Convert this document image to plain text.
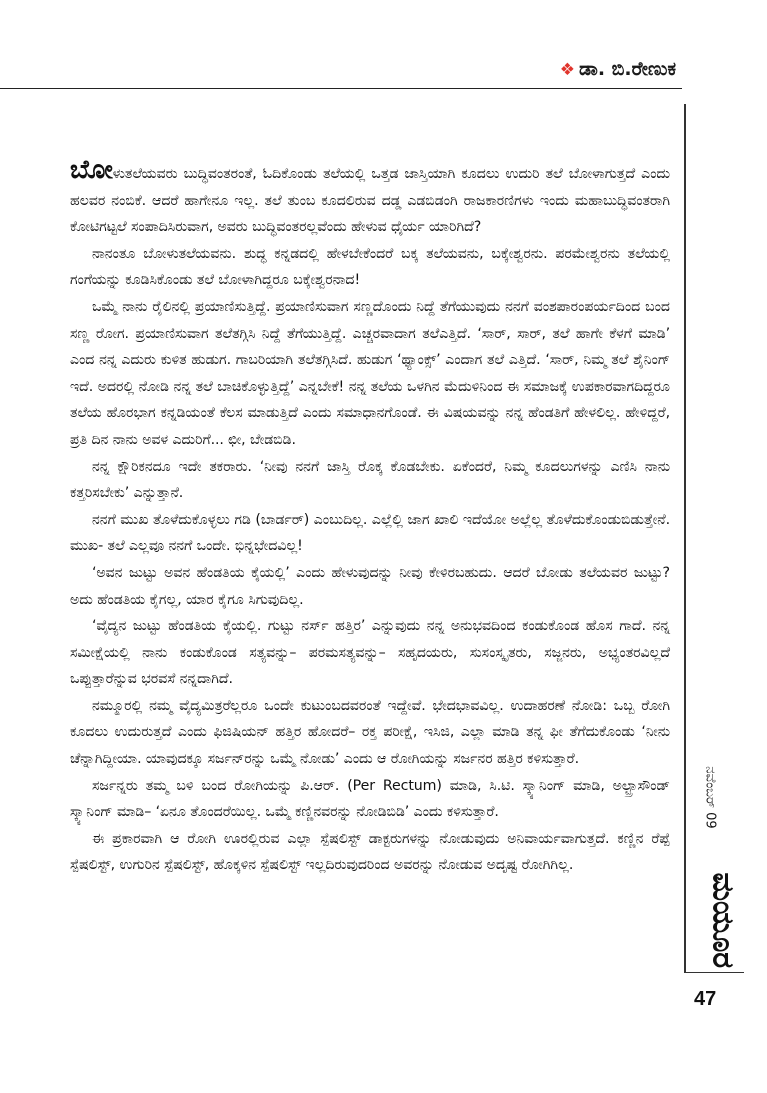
❖ ಡಾ. ಬಿ.ರೇಣುಕ

ಬೋಳುತಲೆಯವರು ಬುದ್ಧಿವಂತರಂತೆ, ಓದಿಕೊಂಡು ತಲೆಯಲ್ಲಿ ಒತ್ತಡ ಜಾಸ್ತಿಯಾಗಿ ಕೂದಲು ಉದುರಿ ತಲೆ ಬೋಳಾಗುತ್ತದೆ ಎಂದು ಹಲವರ ನಂಬಿಕೆ. ಆದರೆ ಹಾಗೇನೂ ಇಲ್ಲ. ತಲೆ ತುಂಬ ಕೂದಲಿರುವ ದಡ್ಡ ಎಡಬಿಡಂಗಿ ರಾಜಕಾರಣಿಗಳು ಇಂದು ಮಹಾಬುದ್ಧಿವಂತರಾಗಿ ಕೋಟಿಗಟ್ಟಲೆ ಸಂಪಾದಿಸಿರುವಾಗ, ಅವರು ಬುದ್ಧಿವಂತರಲ್ಲವೆಂದು ಹೇಳುವ ಧೈರ್ಯ ಯಾರಿಗಿದೆ?

ನಾನಂತೂ ಬೋಳುತಲೆಯವನು. ಶುದ್ಧ ಕನ್ನಡದಲ್ಲಿ ಹೇಳಬೇಕೆಂದರೆ ಬಕ್ಕ ತಲೆಯವನು, ಬಕ್ಕೇಶ್ವರನು. ಪರಮೇಶ್ವರನು ತಲೆಯಲ್ಲಿ ಗಂಗೆಯನ್ನು ಕೂಡಿಸಿಕೊಂಡು ತಲೆ ಬೋಳಾಗಿದ್ದರೂ ಬಕ್ಕೇಶ್ವರನಾದ!

ಒಮ್ಮೆ ನಾನು ರೈಲಿನಲ್ಲಿ ಪ್ರಯಾಣಿಸುತ್ತಿದ್ದೆ. ಪ್ರಯಾಣಿಸುವಾಗ ಸಣ್ಣದೊಂದು ನಿದ್ದೆ ತೆಗೆಯುವುದು ನನಗೆ ವಂಶಪಾರಂಪರ್ಯದಿಂದ ಬಂದ ಸಣ್ಣ ರೋಗ. ಪ್ರಯಾಣಿಸುವಾಗ ತಲೆತಗ್ಗಿಸಿ ನಿದ್ದೆ ತೆಗೆಯುತ್ತಿದ್ದೆ. ಎಚ್ಚರವಾದಾಗ ತಲೆಎತ್ತಿದೆ. ‘ಸಾರ್, ಸಾರ್, ತಲೆ ಹಾಗೇ ಕೆಳಗೆ ಮಾಡಿ’ ಎಂದ ನನ್ನ ಎದುರು ಕುಳಿತ ಹುಡುಗ. ಗಾಬರಿಯಾಗಿ ತಲೆತಗ್ಗಿಸಿದೆ. ಹುಡುಗ ‘ಥ್ಯಾಂಕ್ಸ್’ ಎಂದಾಗ ತಲೆ ಎತ್ತಿದೆ. ‘ಸಾರ್, ನಿಮ್ಮ ತಲೆ ಶೈನಿಂಗ್ ಇದೆ. ಅದರಲ್ಲಿ ನೋಡಿ ನನ್ನ ತಲೆ ಬಾಚಿಕೊಳ್ಳುತ್ತಿದ್ದೆ’ ಎನ್ನಬೇಕೆ! ನನ್ನ ತಲೆಯ ಒಳಗಿನ ಮೆದುಳಿನಿಂದ ಈ ಸಮಾಜಕ್ಕೆ ಉಪಕಾರವಾಗದಿದ್ದರೂ ತಲೆಯ ಹೊರಭಾಗ ಕನ್ನಡಿಯಂತೆ ಕೆಲಸ ಮಾಡುತ್ತಿದೆ ಎಂದು ಸಮಾಧಾನಗೊಂಡೆ. ಈ ವಿಷಯವನ್ನು ನನ್ನ ಹೆಂಡತಿಗೆ ಹೇಳಲಿಲ್ಲ. ಹೇಳಿದ್ದರೆ, ಪ್ರತಿ ದಿನ ನಾನು ಅವಳ ಎದುರಿಗೆ... ಛೀ, ಬೇಡಬಿಡಿ.

ನನ್ನ ಕ್ಷೌರಿಕನದೂ ಇದೇ ತಕರಾರು. ‘ನೀವು ನನಗೆ ಜಾಸ್ತಿ ರೊಕ್ಕ ಕೊಡಬೇಕು. ಏಕೆಂದರೆ, ನಿಮ್ಮ ಕೂದಲುಗಳನ್ನು ಎಣಿಸಿ ನಾನು ಕತ್ತರಿಸಬೇಕು’ ಎನ್ನುತ್ತಾನೆ.

ನನಗೆ ಮುಖ ತೊಳೆದುಕೊಳ್ಳಲು ಗಡಿ (ಬಾರ್ಡರ್) ಎಂಬುದಿಲ್ಲ. ಎಲ್ಲೆಲ್ಲಿ ಜಾಗ ಖಾಲಿ ಇದೆಯೋ ಅಲ್ಲೆಲ್ಲ ತೊಳೆದುಕೊಂಡುಬಿಡುತ್ತೇನೆ. ಮುಖ- ತಲೆ ಎಲ್ಲವೂ ನನಗೆ ಒಂದೇ. ಭಿನ್ನಭೇದವಿಲ್ಲ!

‘ಅವನ ಜುಟ್ಟು ಅವನ ಹೆಂಡತಿಯ ಕೈಯಲ್ಲಿ’ ಎಂದು ಹೇಳುವುದನ್ನು ನೀವು ಕೇಳಿರಬಹುದು. ಆದರೆ ಬೋಡು ತಲೆಯವರ ಜುಟ್ಟು? ಅದು ಹೆಂಡತಿಯ ಕೈಗಲ್ಲ, ಯಾರ ಕೈಗೂ ಸಿಗುವುದಿಲ್ಲ.

‘ವೈದ್ಯನ ಜುಟ್ಟು ಹೆಂಡತಿಯ ಕೈಯಲ್ಲಿ. ಗುಟ್ಟು ನರ್ಸ್ ಹತ್ತಿರ’ ಎನ್ನುವುದು ನನ್ನ ಅನುಭವದಿಂದ ಕಂಡುಕೊಂಡ ಹೊಸ ಗಾದೆ. ನನ್ನ ಸಮೀಕ್ಷೆಯಲ್ಲಿ ನಾನು ಕಂಡುಕೊಂಡ ಸತ್ಯವನ್ನು– ಪರಮಸತ್ಯವನ್ನು– ಸಹೃದಯರು, ಸುಸಂಸ್ಕೃತರು, ಸಜ್ಜನರು, ಅಭ್ಯಂತರವಿಲ್ಲದೆ ಒಪ್ಪುತ್ತಾರೆನ್ನುವ ಭರವಸೆ ನನ್ನದಾಗಿದೆ.

ನಮ್ಮೂರಲ್ಲಿ ನಮ್ಮ ವೈದ್ಯಮಿತ್ರರೆಲ್ಲರೂ ಒಂದೇ ಕುಟುಂಬದವರಂತೆ ಇದ್ದೇವೆ. ಭೇದಭಾವವಿಲ್ಲ. ಉದಾಹರಣೆ ನೋಡಿ: ಒಬ್ಬ ರೋಗಿ ಕೂದಲು ಉದುರುತ್ತದೆ ಎಂದು ಫಿಜಿಷಿಯನ್ ಹತ್ತಿರ ಹೋದರೆ– ರಕ್ತ ಪರೀಕ್ಷೆ, ಇಸಿಜಿ, ಎಲ್ಲಾ ಮಾಡಿ ತನ್ನ ಫೀ ತೆಗೆದುಕೊಂಡು ‘ನೀನು ಚೆನ್ನಾಗಿದ್ದೀಯಾ. ಯಾವುದಕ್ಕೂ ಸರ್ಜನ್‌ರನ್ನು ಒಮ್ಮೆ ನೋಡು’ ಎಂದು ಆ ರೋಗಿಯನ್ನು ಸರ್ಜನರ ಹತ್ತಿರ ಕಳಿಸುತ್ತಾರೆ.

ಸರ್ಜನ್ನರು ತಮ್ಮ ಬಳಿ ಬಂದ ರೋಗಿಯನ್ನು ಪಿ.ಆರ್. (Per Rectum) ಮಾಡಿ, ಸಿ.ಟಿ. ಸ್ಕ್ಯಾನಿಂಗ್ ಮಾಡಿ, ಅಲ್ಟ್ರಾಸೌಂಡ್ ಸ್ಕ್ಯಾನಿಂಗ್ ಮಾಡಿ– ‘ಏನೂ ತೊಂದರೆಯಿಲ್ಲ. ಒಮ್ಮೆ ಕಣ್ಣಿನವರನ್ನು ನೋಡಿಬಿಡಿ’ ಎಂದು ಕಳಿಸುತ್ತಾರೆ.

ಈ ಪ್ರಕಾರವಾಗಿ ಆ ರೋಗಿ ಊರಲ್ಲಿರುವ ಎಲ್ಲಾ ಸ್ಪೆಷಲಿಸ್ಟ್ ಡಾಕ್ಟರುಗಳನ್ನು ನೋಡುವುದು ಅನಿವಾರ್ಯವಾಗುತ್ತದೆ. ಕಣ್ಣಿನ ರೆಪ್ಪೆ ಸ್ಪೆಷಲಿಸ್ಟ್, ಉಗುರಿನ ಸ್ಪೆಷಲಿಸ್ಟ್, ಹೊಕ್ಕಳಿನ ಸ್ಪೆಷಲಿಸ್ಟ್ ಇಲ್ಲದಿರುವುದರಿಂದ ಅವರನ್ನು ನೋಡುವ ಅದೃಷ್ಟ ರೋಗಿಗಿಲ್ಲ.

ನವೆಂಬರ್ 09
ಮಯೂರ
47
